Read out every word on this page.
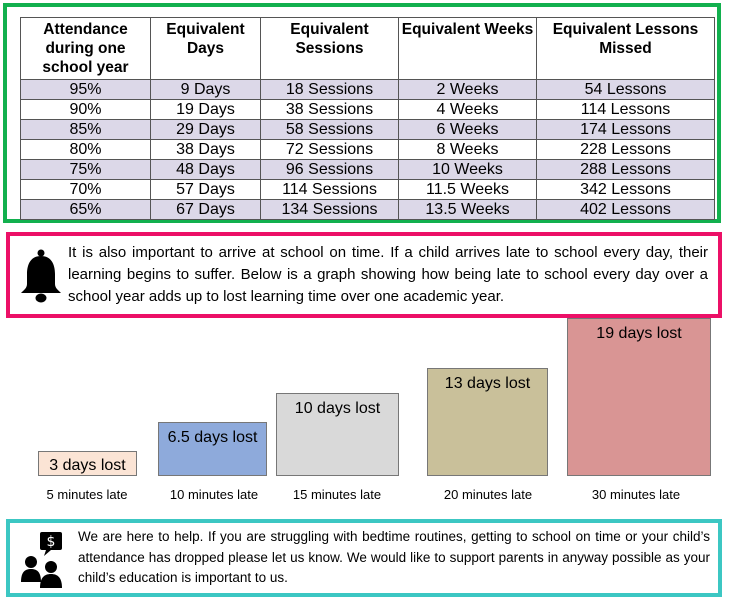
Attendance during one school year	Equivalent Days	Equivalent Sessions	Equivalent Weeks	Equivalent Lessons Missed
95%	9 Days	18 Sessions	2 Weeks	54 Lessons
90%	19 Days	38 Sessions	4 Weeks	114 Lessons
85%	29 Days	58 Sessions	6 Weeks	174 Lessons
80%	38 Days	72 Sessions	8 Weeks	228 Lessons
75%	48 Days	96 Sessions	10 Weeks	288 Lessons
70%	57 Days	114 Sessions	11.5 Weeks	342 Lessons
65%	67 Days	134 Sessions	13.5 Weeks	402 Lessons

It is also important to arrive at school on time. If a child arrives late to school every day, their learning begins to suffer. Below is a graph showing how being late to school every day over a school year adds up to lost learning time over one academic year.

3 days lost
5 minutes late
6.5 days lost
10 minutes late
10 days lost
15 minutes late
13 days lost
20 minutes late
19 days lost
30 minutes late
$ We are here to help. If you are struggling with bedtime routines, getting to school on time or your child’s attendance has dropped please let us know. We would like to support parents in anyway possible as your child’s education is important to us.
